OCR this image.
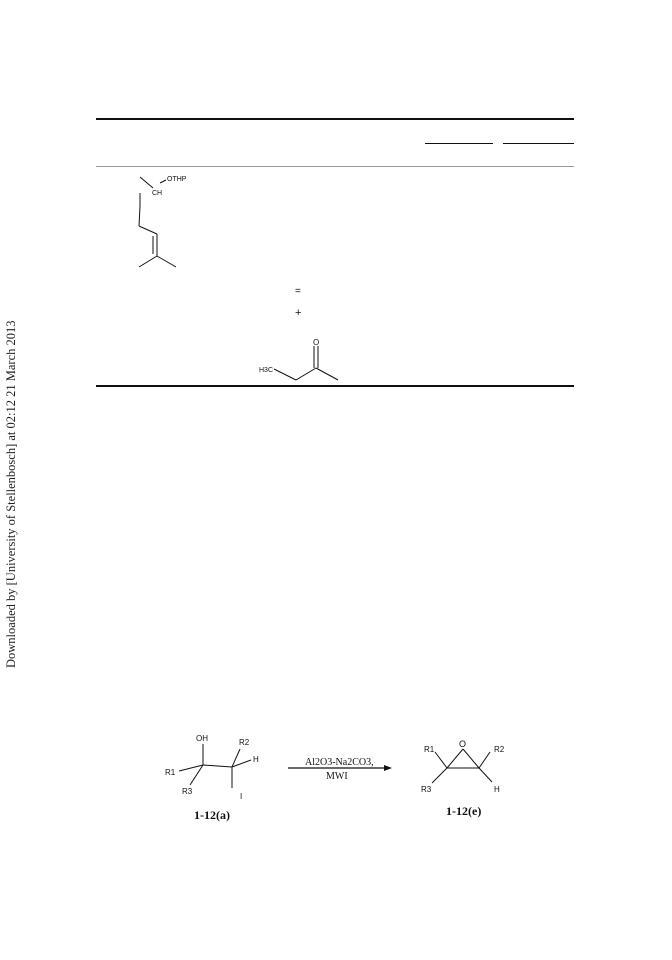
Downloaded by [University of Stellenbosch] at 02:12 21 March 2013
OTHP
CH
=
+
H3C
O
OH
R1
R2
R3
H
I
1-12(a)
Al2O3-Na2CO3,
MWI
O
R1	R2
R3	H
1-12(e)
